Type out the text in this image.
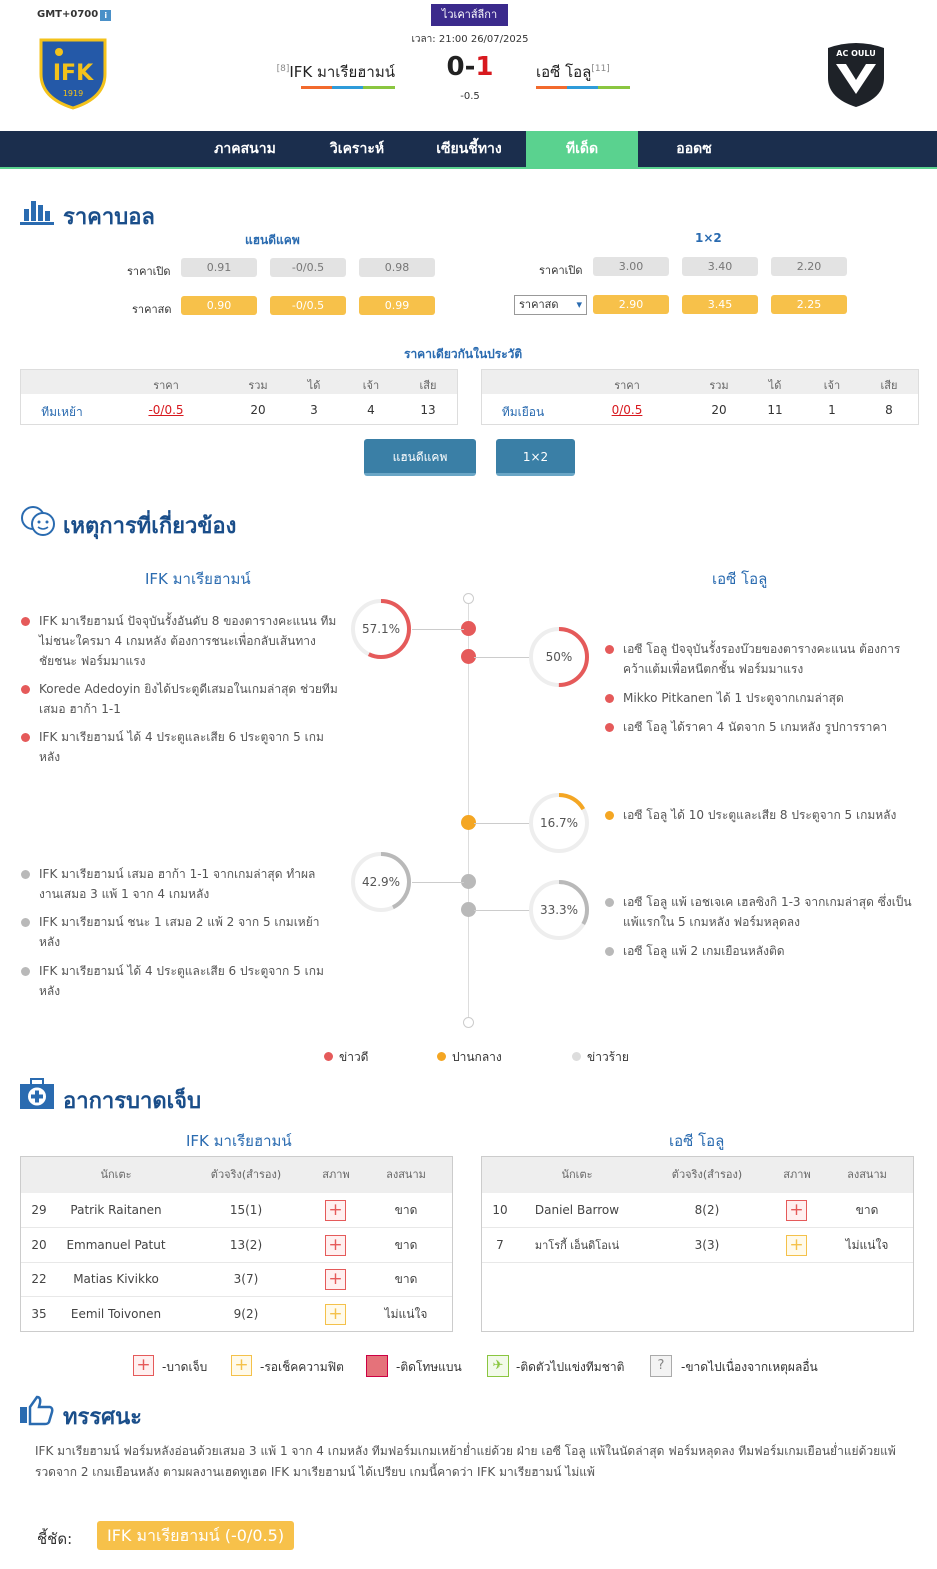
GMT+0700 i
IFK
1919
ไวเคาส์ลีกา
เวลา: 21:00 26/07/2025
[8]IFK มาเรียฮามน์	0-1
-0.5
เอซี โอลู[11]
AC OULU
ภาคสนาม	วิเคราะห์	เซียนชี้ทาง	ทีเด็ด	ออดซ
ราคาบอล
แฮนดีแคพ	1×2
ราคาเปิด	0.91	-0/0.5	0.98
ราคาสด	0.90	-0/0.5	0.99
ราคาเปิด	3.00	3.40	2.20
ราคาสด ▾	2.90	3.45	2.25
ราคาเดียวกันในประวัติ
ราคา	รวม	ได้	เจ้า	เสีย
ทีมเหย้า	-0/0.5	20	3	4	13
ราคา	รวม	ได้	เจ้า	เสีย
ทีมเยือน	0/0.5	20	11	1	8
แฮนดีแคพ	1×2
เหตุการที่เกี่ยวข้อง
IFK มาเรียฮามน์	เอซี โอลู
57.1%
50%
16.7%
42.9%
33.3%
IFK มาเรียฮามน์ ปัจจุบันรั้งอันดับ 8 ของตารางคะแนน ทีมไม่ชนะใครมา 4 เกมหลัง ต้องการชนะเพื่อกลับเส้นทางชัยชนะ ฟอร์มมาแรง
Korede Adedoyin ยิงได้ประตูดีเสมอในเกมล่าสุด ช่วยทีมเสมอ ฮาก้า 1-1
IFK มาเรียฮามน์ ได้ 4 ประตูและเสีย 6 ประตูจาก 5 เกมหลัง
เอซี โอลู ปัจจุบันรั้งรองบ๊วยของตารางคะแนน ต้องการคว้าแต้มเพื่อหนีตกชั้น ฟอร์มมาแรง
Mikko Pitkanen ได้ 1 ประตูจากเกมล่าสุด
เอซี โอลู ได้ราคา 4 นัดจาก 5 เกมหลัง รูปการราคา
เอซี โอลู ได้ 10 ประตูและเสีย 8 ประตูจาก 5 เกมหลัง
IFK มาเรียฮามน์ เสมอ ฮาก้า 1-1 จากเกมล่าสุด ทำผลงานเสมอ 3 แพ้ 1 จาก 4 เกมหลัง
IFK มาเรียฮามน์ ชนะ 1 เสมอ 2 แพ้ 2 จาก 5 เกมเหย้าหลัง
IFK มาเรียฮามน์ ได้ 4 ประตูและเสีย 6 ประตูจาก 5 เกมหลัง
เอซี โอลู แพ้ เอชเจเค เฮลซิงกิ 1-3 จากเกมล่าสุด ซึ่งเป็นแพ้แรกใน 5 เกมหลัง ฟอร์มหลุดลง
เอซี โอลู แพ้ 2 เกมเยือนหลังติด
ข่าวดี	ปานกลาง	ข่าวร้าย
อาการบาดเจ็บ
IFK มาเรียฮามน์	เอซี โอลู
นักเตะ	ตัวจริง(สำรอง)	สภาพ	ลงสนาม
29	Patrik Raitanen	15(1)	+	ขาด
20	Emmanuel Patut	13(2)	+	ขาด
22	Matias Kivikko	3(7)	+	ขาด
35	Eemil Toivonen	9(2)	+	ไม่แน่ใจ
นักเตะ	ตัวจริง(สำรอง)	สภาพ	ลงสนาม
10	Daniel Barrow	8(2)	+	ขาด
7	มาโรกี้ เอ็นดิโอเน่	3(3)	+	ไม่แน่ใจ
+ -บาดเจ็บ + -รอเช็คความฟิต	-ติดโทษแบน	✈	-ติดตัวไปแข่งทีมชาติ	?	-ขาดไปเนื่องจากเหตุผลอื่น
ทรรศนะ
IFK มาเรียฮามน์ ฟอร์มหลังอ่อนด้วยเสมอ 3 แพ้ 1 จาก 4 เกมหลัง ทีมฟอร์มเกมเหย้าย่ำแย่ด้วย ฝ่าย เอซี โอลู แพ้ในนัดล่าสุด ฟอร์มหลุดลง ทีมฟอร์มเกมเยือนย่ำแย่ด้วยแพ้รวดจาก 2 เกมเยือนหลัง ตามผลงานเฮดทูเฮด IFK มาเรียฮามน์ ได้เปรียบ เกมนี้คาดว่า IFK มาเรียฮามน์ ไม่แพ้
ชี้ชัด:	IFK มาเรียฮามน์ (-0/0.5)
